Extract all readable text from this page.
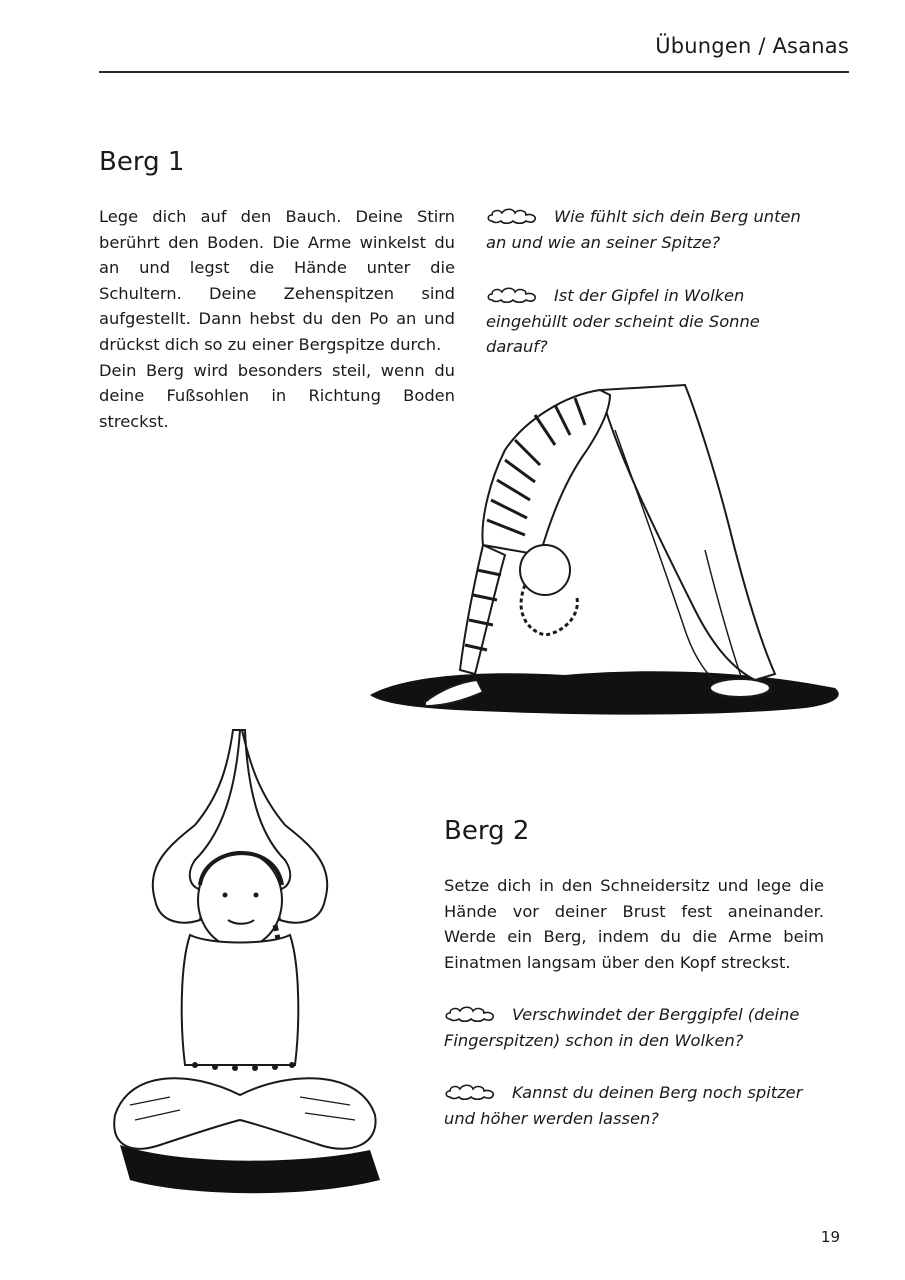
Übungen / Asanas
Berg 1

Lege dich auf den Bauch. Deine Stirn berührt den Boden. Die Arme winkelst du an und legst die Hände unter die Schultern. Deine Zehenspitzen sind aufgestellt. Dann hebst du den Po an und drückst dich so zu einer Bergspitze durch.

Dein Berg wird besonders steil, wenn du deine Fußsohlen in Richtung Boden streckst.

Wie fühlt sich dein Berg unten an und wie an seiner Spitze?
Ist der Gipfel in Wolken eingehüllt oder scheint die Sonne darauf?
Berg 2

Setze dich in den Schneidersitz und lege die Hände vor deiner Brust fest aneinander. Werde ein Berg, indem du die Arme beim Einatmen langsam über den Kopf streckst.

Verschwindet der Berggipfel (deine Fingerspitzen) schon in den Wolken?
Kannst du deinen Berg noch spitzer und höher werden lassen?
19
